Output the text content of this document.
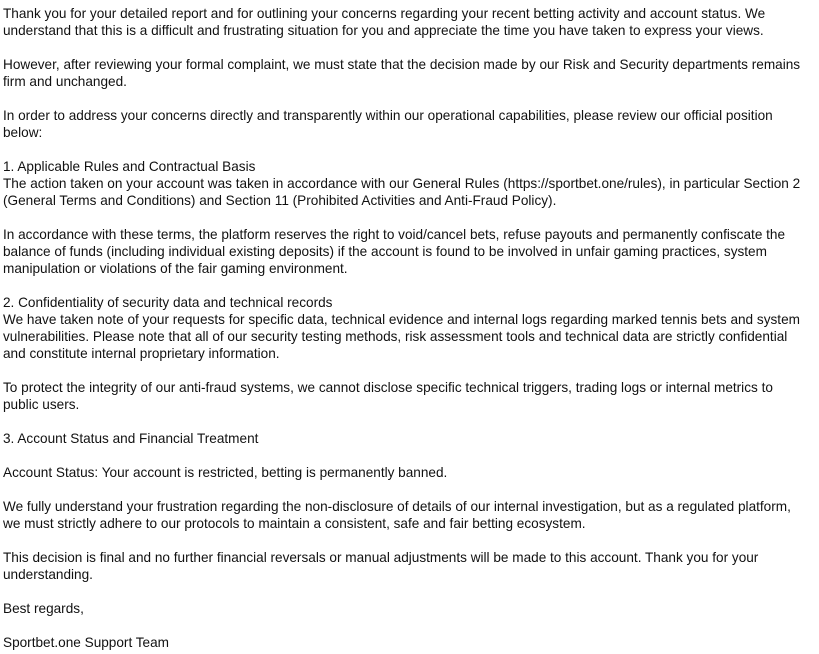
Thank you for your detailed report and for outlining your concerns regarding your recent betting activity and account status. We
understand that this is a difficult and frustrating situation for you and appreciate the time you have taken to express your views.
However, after reviewing your formal complaint, we must state that the decision made by our Risk and Security departments remains
firm and unchanged.
In order to address your concerns directly and transparently within our operational capabilities, please review our official position
below:
1. Applicable Rules and Contractual Basis
The action taken on your account was taken in accordance with our General Rules (https://sportbet.one/rules), in particular Section 2
(General Terms and Conditions) and Section 11 (Prohibited Activities and Anti-Fraud Policy).
In accordance with these terms, the platform reserves the right to void/cancel bets, refuse payouts and permanently confiscate the
balance of funds (including individual existing deposits) if the account is found to be involved in unfair gaming practices, system
manipulation or violations of the fair gaming environment.
2. Confidentiality of security data and technical records
We have taken note of your requests for specific data, technical evidence and internal logs regarding marked tennis bets and system
vulnerabilities. Please note that all of our security testing methods, risk assessment tools and technical data are strictly confidential
and constitute internal proprietary information.
To protect the integrity of our anti-fraud systems, we cannot disclose specific technical triggers, trading logs or internal metrics to
public users.
3. Account Status and Financial Treatment
Account Status: Your account is restricted, betting is permanently banned.
We fully understand your frustration regarding the non-disclosure of details of our internal investigation, but as a regulated platform,
we must strictly adhere to our protocols to maintain a consistent, safe and fair betting ecosystem.
This decision is final and no further financial reversals or manual adjustments will be made to this account. Thank you for your
understanding.
Best regards,
Sportbet.one Support Team
